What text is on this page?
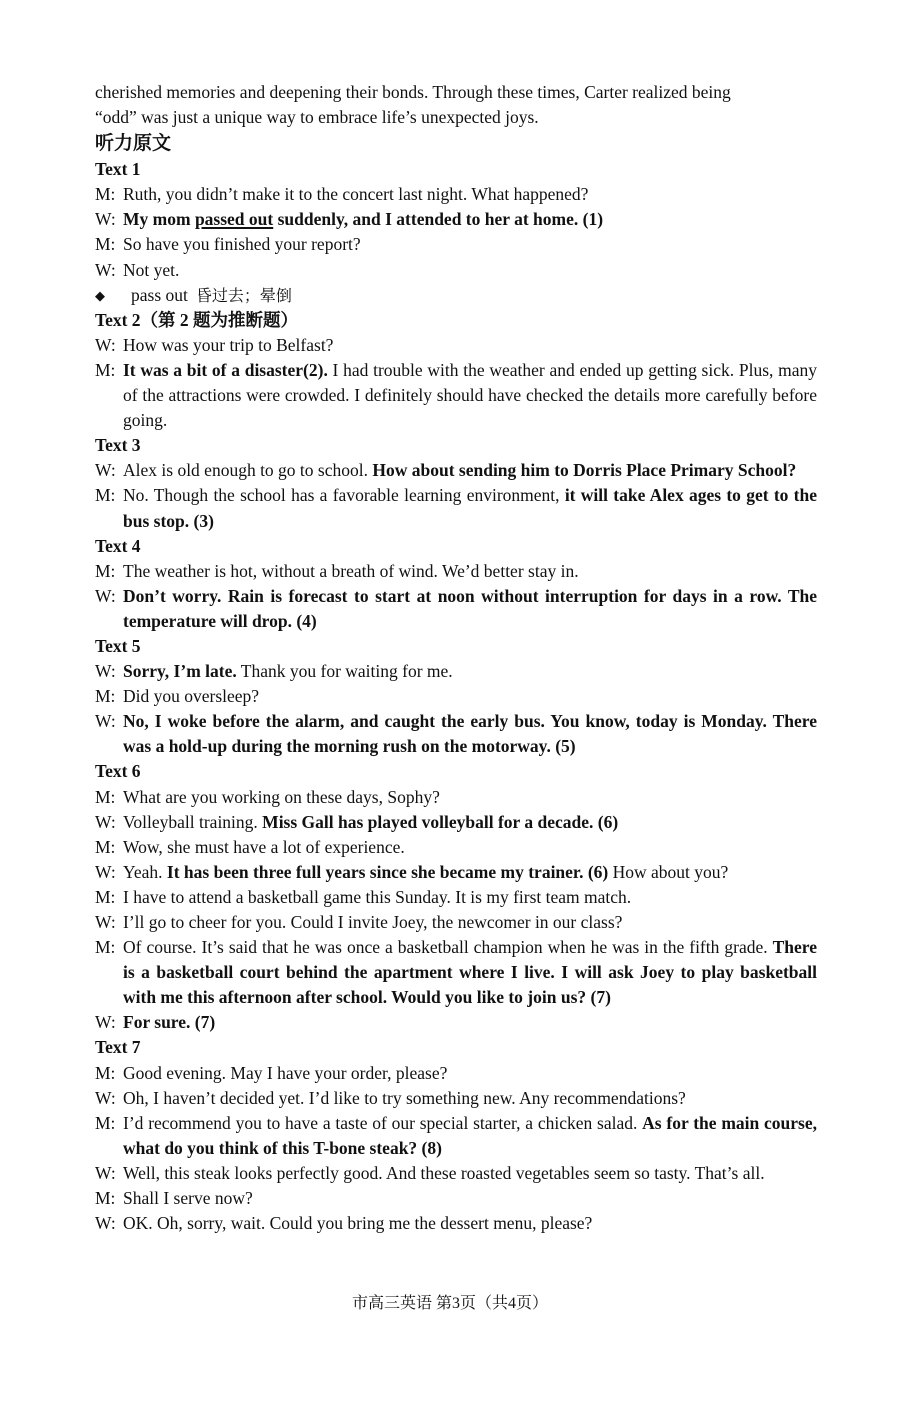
cherished memories and deepening their bonds. Through these times, Carter realized being
“odd” was just a unique way to embrace life’s unexpected joys.

听力原文

Text 1

M: Ruth, you didn’t make it to the concert last night. What happened?
W: My mom passed out suddenly, and I attended to her at home. (1)
M: So have you finished your report?
W: Not yet.
◆	pass out 昏过去；晕倒

Text 2（第 2 题为推断题）

W: How was your trip to Belfast?
M: It was a bit of a disaster(2). I had trouble with the weather and ended up getting sick. Plus, many of the attractions were crowded. I definitely should have checked the details more carefully before going.

Text 3

W: Alex is old enough to go to school. How about sending him to Dorris Place Primary School?
M: No. Though the school has a favorable learning environment, it will take Alex ages to get to the bus stop. (3)

Text 4

M: The weather is hot, without a breath of wind. We’d better stay in.
W: Don’t worry. Rain is forecast to start at noon without interruption for days in a row. The temperature will drop. (4)

Text 5

W: Sorry, I’m late. Thank you for waiting for me.
M: Did you oversleep?
W: No, I woke before the alarm, and caught the early bus. You know, today is Monday. There was a hold-up during the morning rush on the motorway. (5)

Text 6

M: What are you working on these days, Sophy?
W: Volleyball training. Miss Gall has played volleyball for a decade. (6)
M: Wow, she must have a lot of experience.
W: Yeah. It has been three full years since she became my trainer. (6) How about you?
M: I have to attend a basketball game this Sunday. It is my first team match.
W: I’ll go to cheer for you. Could I invite Joey, the newcomer in our class?
M: Of course. It’s said that he was once a basketball champion when he was in the fifth grade. There is a basketball court behind the apartment where I live. I will ask Joey to play basketball with me this afternoon after school. Would you like to join us? (7)
W: For sure. (7)

Text 7

M: Good evening. May I have your order, please?
W: Oh, I haven’t decided yet. I’d like to try something new. Any recommendations?
M: I’d recommend you to have a taste of our special starter, a chicken salad. As for the main course, what do you think of this T-bone steak? (8)
W: Well, this steak looks perfectly good. And these roasted vegetables seem so tasty. That’s all.
M: Shall I serve now?
W: OK. Oh, sorry, wait. Could you bring me the dessert menu, please?
市高三英语 第3页（共4页）
